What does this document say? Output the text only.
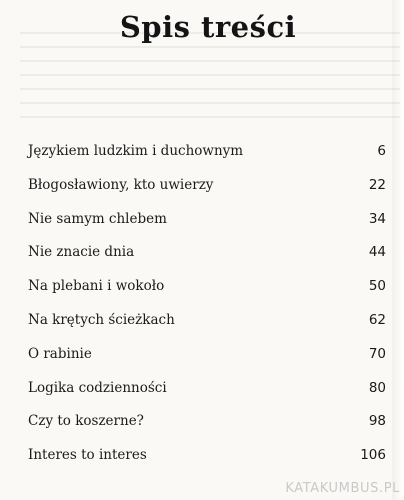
Spis treści
Językiem ludzkim i duchownym	6
Błogosławiony, kto uwierzy	22
Nie samym chlebem	34
Nie znacie dnia	44
Na plebani i wokoło	50
Na krętych ścieżkach	62
O rabinie	70
Logika codzienności	80
Czy to koszerne?	98
Interes to interes	106
KATAKUMBUS.PL
